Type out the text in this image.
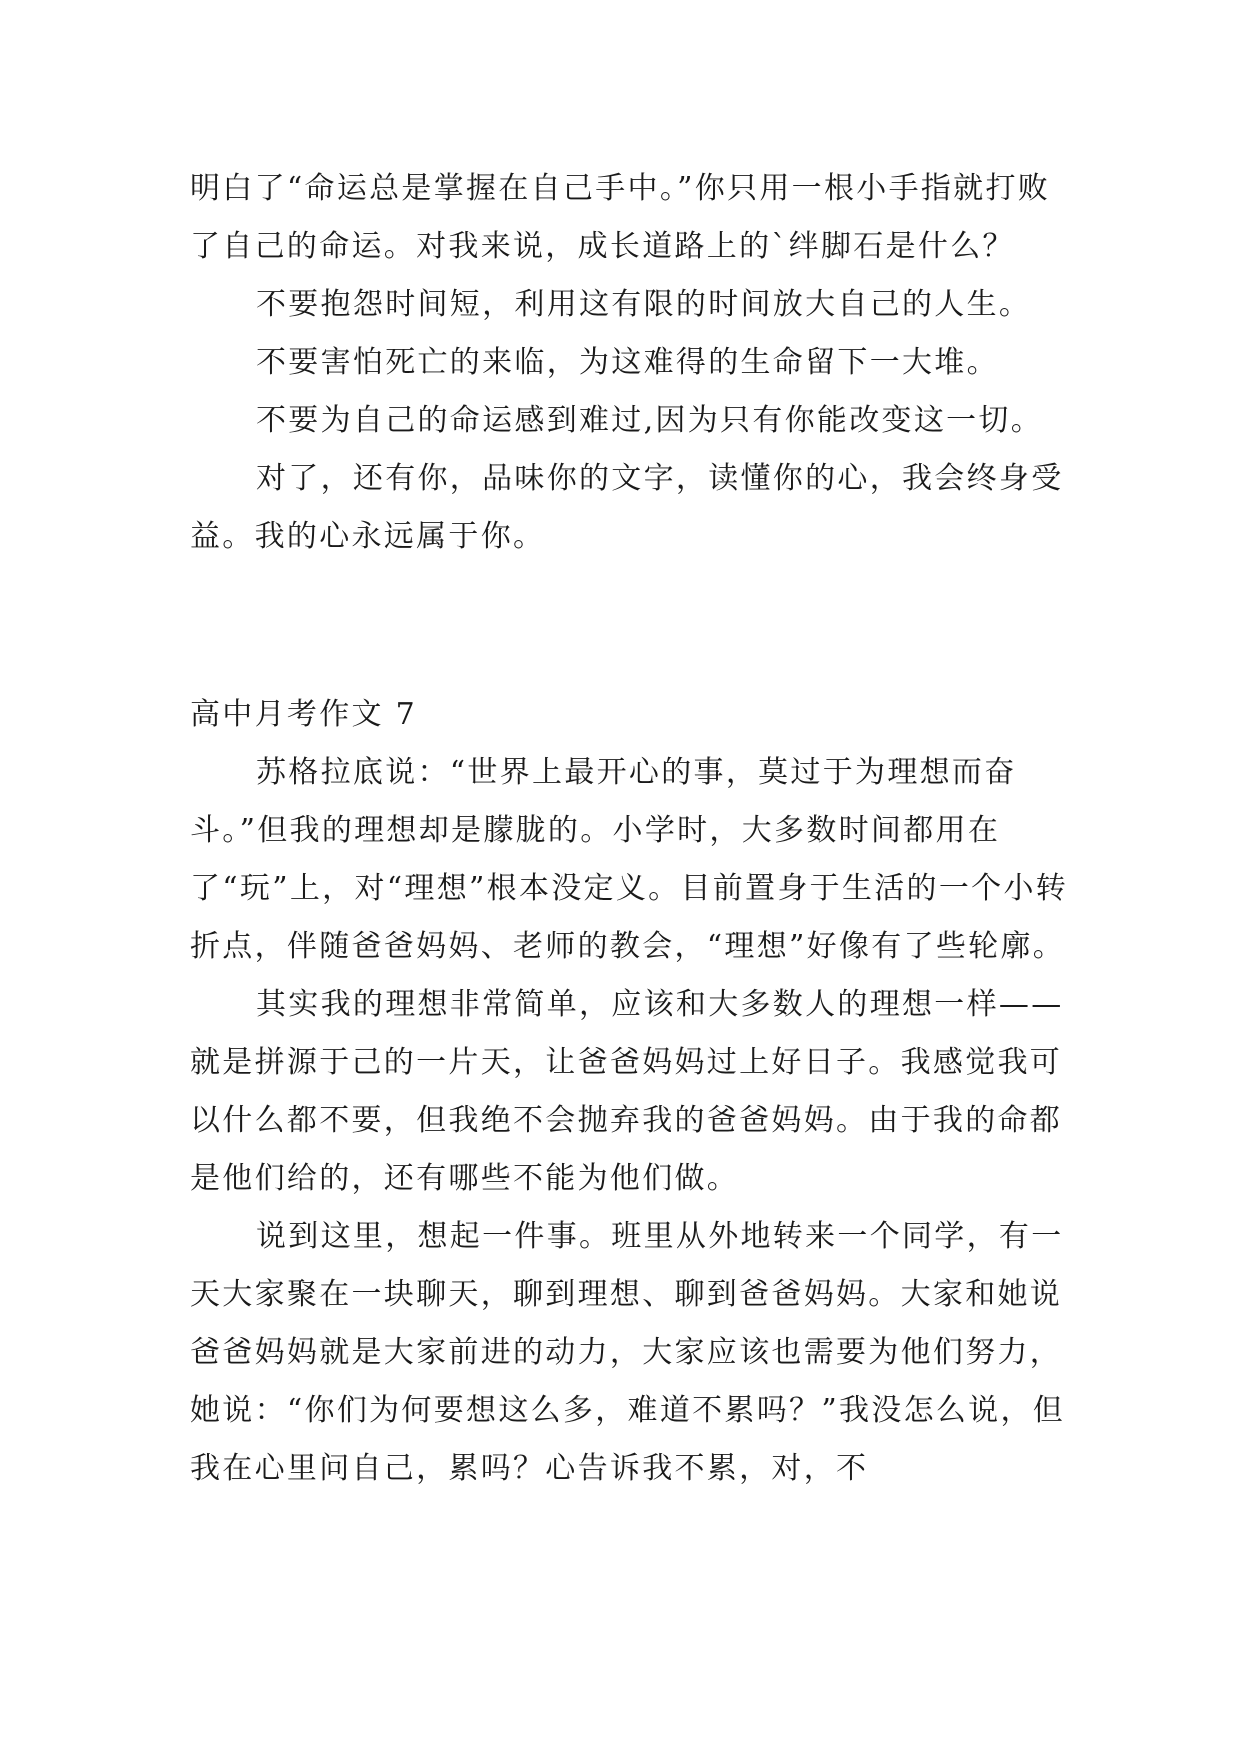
明白了“命运总是掌握在自己手中。”你只用一根小手指就打败了自己的命运。对我来说，成长道路上的`绊脚石是什么？

不要抱怨时间短，利用这有限的时间放大自己的人生。

不要害怕死亡的来临，为这难得的生命留下一大堆。

不要为自己的命运感到难过,因为只有你能改变这一切。

对了，还有你，品味你的文字，读懂你的心，我会终身受益。我的心永远属于你。

高中月考作文 7

苏格拉底说：“世界上最开心的事，莫过于为理想而奋斗。”但我的理想却是朦胧的。小学时，大多数时间都用在了“玩”上，对“理想”根本没定义。目前置身于生活的一个小转折点，伴随爸爸妈妈、老师的教会，“理想”好像有了些轮廓。

其实我的理想非常简单，应该和大多数人的理想一样——就是拼源于己的一片天，让爸爸妈妈过上好日子。我感觉我可以什么都不要，但我绝不会抛弃我的爸爸妈妈。由于我的命都是他们给的，还有哪些不能为他们做。

说到这里，想起一件事。班里从外地转来一个同学，有一天大家聚在一块聊天，聊到理想、聊到爸爸妈妈。大家和她说爸爸妈妈就是大家前进的动力，大家应该也需要为他们努力，她说：“你们为何要想这么多，难道不累吗？”我没怎么说，但我在心里问自己，累吗？心告诉我不累，对，不
